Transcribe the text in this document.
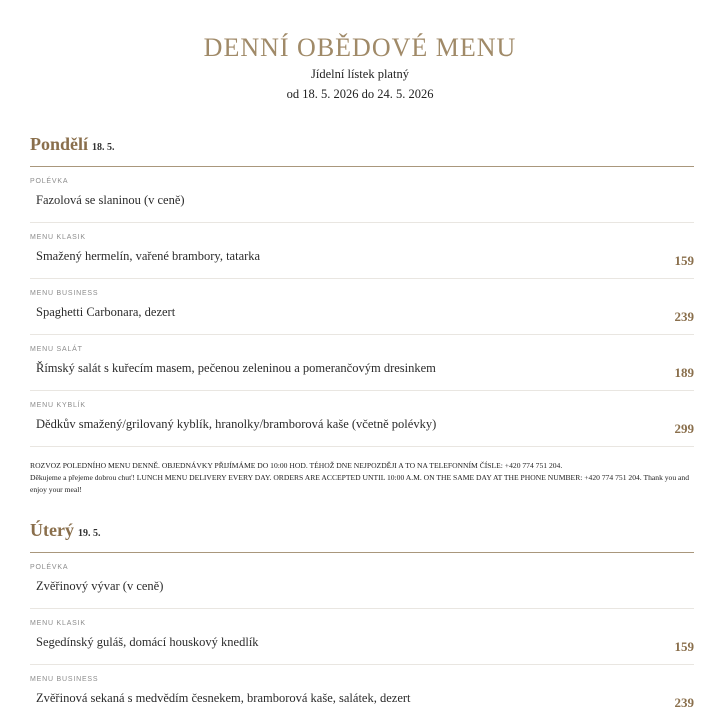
DENNÍ OBĚDOVÉ MENU
Jídelní lístek platný
od 18. 5. 2026 do 24. 5. 2026
Pondělí 18. 5.
POLÉVKA
Fazolová se slaninou (v ceně)
MENU KLASIK
Smažený hermelín, vařené brambory, tatarka	159
MENU BUSINESS
Spaghetti Carbonara, dezert	239
MENU SALÁT
Římský salát s kuřecím masem, pečenou zeleninou a pomerančovým dresinkem	189
MENU KYBLÍK
Dědkův smažený/grilovaný kyblík, hranolky/bramborová kaše (včetně polévky)	299

ROZVOZ POLEDNÍHO MENU DENNĚ. OBJEDNÁVKY PŘIJÍMÁME DO 10:00 HOD. TÉHOŽ DNE NEJPOZDĚJI A TO NA TELEFONNÍM ČÍSLE: +420 774 751 204.

Děkujeme a přejeme dobrou chuť! LUNCH MENU DELIVERY EVERY DAY. ORDERS ARE ACCEPTED UNTIL 10:00 A.M. ON THE SAME DAY AT THE PHONE NUMBER: +420 774 751 204. Thank you and enjoy your meal!

Úterý 19. 5.
POLÉVKA
Zvěřinový vývar (v ceně)
MENU KLASIK
Segedínský guláš, domácí houskový knedlík	159
MENU BUSINESS
Zvěřinová sekaná s medvědím česnekem, bramborová kaše, salátek, dezert	239
